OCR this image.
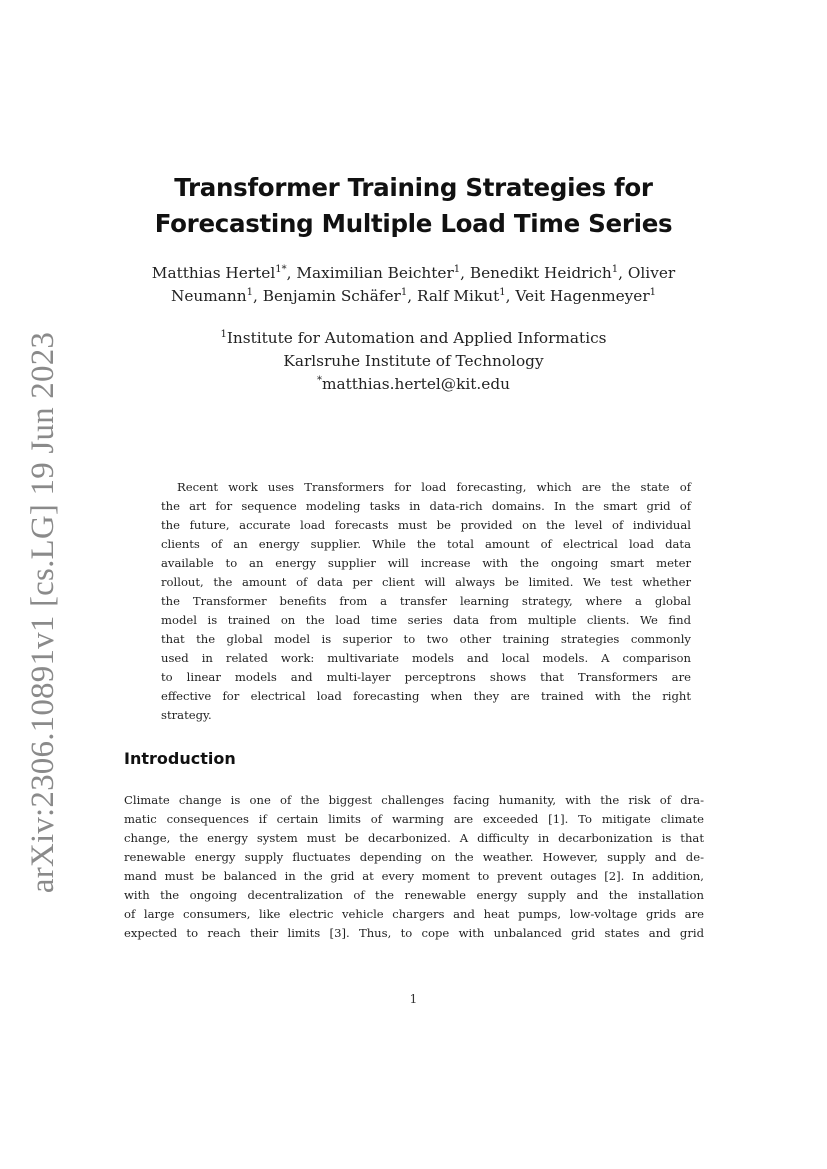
arXiv:2306.10891v1 [cs.LG] 19 Jun 2023
Transformer Training Strategies for
Forecasting Multiple Load Time Series
Matthias Hertel$^{1*}$, Maximilian Beichter$^1$, Benedikt Heidrich$^1$, Oliver
Neumann$^1$, Benjamin Schäfer$^1$, Ralf Mikut$^1$, Veit Hagenmeyer$^1$
$^1$Institute for Automation and Applied Informatics
Karlsruhe Institute of Technology
*matthias.hertel@kit.edu
Recent work uses Transformers for load forecasting, which are the state of
the art for sequence modeling tasks in data-rich domains. In the smart grid of
the future, accurate load forecasts must be provided on the level of individual
clients of an energy supplier. While the total amount of electrical load data
available to an energy supplier will increase with the ongoing smart meter
rollout, the amount of data per client will always be limited. We test whether
the Transformer benefits from a transfer learning strategy, where a global
model is trained on the load time series data from multiple clients. We find
that the global model is superior to two other training strategies commonly
used in related work: multivariate models and local models. A comparison
to linear models and multi-layer perceptrons shows that Transformers are
effective for electrical load forecasting when they are trained with the right
strategy.
Introduction
Climate change is one of the biggest challenges facing humanity, with the risk of dra-
matic consequences if certain limits of warming are exceeded [1]. To mitigate climate
change, the energy system must be decarbonized. A difficulty in decarbonization is that
renewable energy supply fluctuates depending on the weather. However, supply and de-
mand must be balanced in the grid at every moment to prevent outages [2]. In addition,
with the ongoing decentralization of the renewable energy supply and the installation
of large consumers, like electric vehicle chargers and heat pumps, low-voltage grids are
expected to reach their limits [3]. Thus, to cope with unbalanced grid states and grid
1
